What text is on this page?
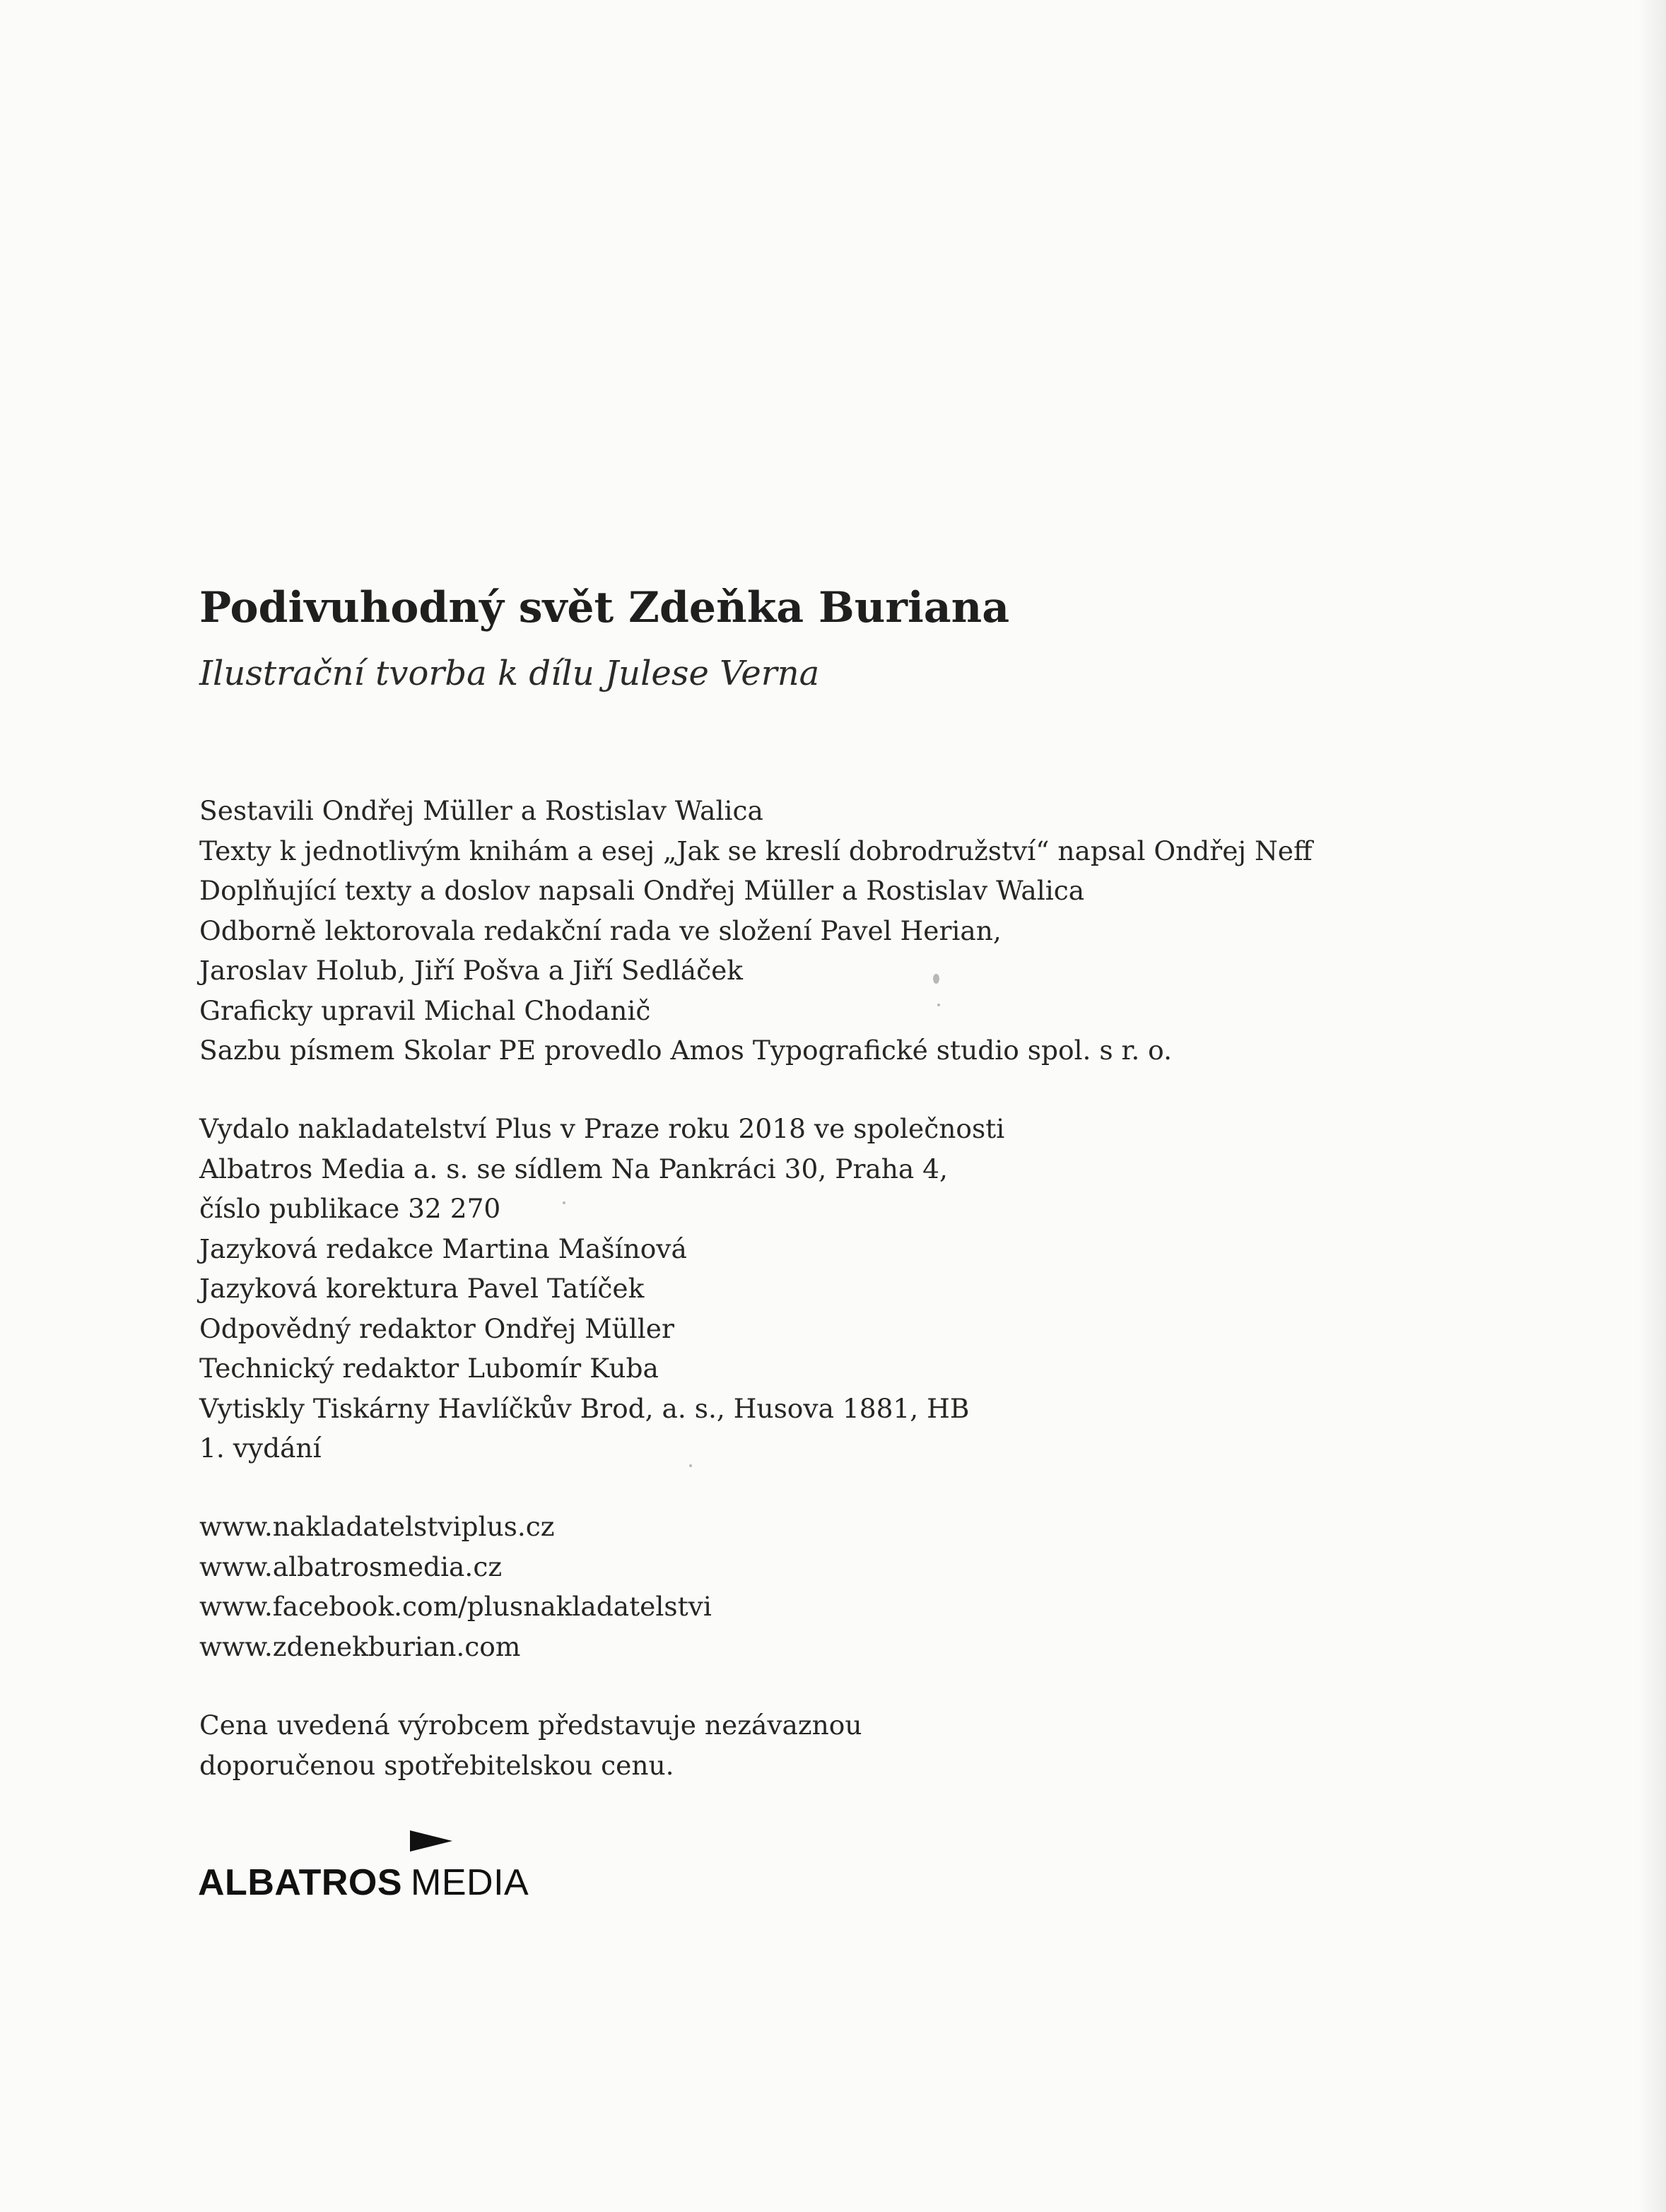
Podivuhodný svět Zdeňka Buriana
Ilustrační tvorba k dílu Julese Verna
Sestavili Ondřej Müller a Rostislav Walica
Texty k jednotlivým knihám a esej „Jak se kreslí dobrodružství“ napsal Ondřej Neff
Doplňující texty a doslov napsali Ondřej Müller a Rostislav Walica
Odborně lektorovala redakční rada ve složení Pavel Herian,
Jaroslav Holub, Jiří Pošva a Jiří Sedláček
Graficky upravil Michal Chodanič
Sazbu písmem Skolar PE provedlo Amos Typografické studio spol. s r. o.
Vydalo nakladatelství Plus v Praze roku 2018 ve společnosti
Albatros Media a. s. se sídlem Na Pankráci 30, Praha 4,
číslo publikace 32 270
Jazyková redakce Martina Mašínová
Jazyková korektura Pavel Tatíček
Odpovědný redaktor Ondřej Müller
Technický redaktor Lubomír Kuba
Vytiskly Tiskárny Havlíčkův Brod, a. s., Husova 1881, HB
1. vydání
www.nakladatelstviplus.cz
www.albatrosmedia.cz
www.facebook.com/plusnakladatelstvi
www.zdenekburian.com
Cena uvedená výrobcem představuje nezávaznou
doporučenou spotřebitelskou cenu.
ALBATROS MEDIA
